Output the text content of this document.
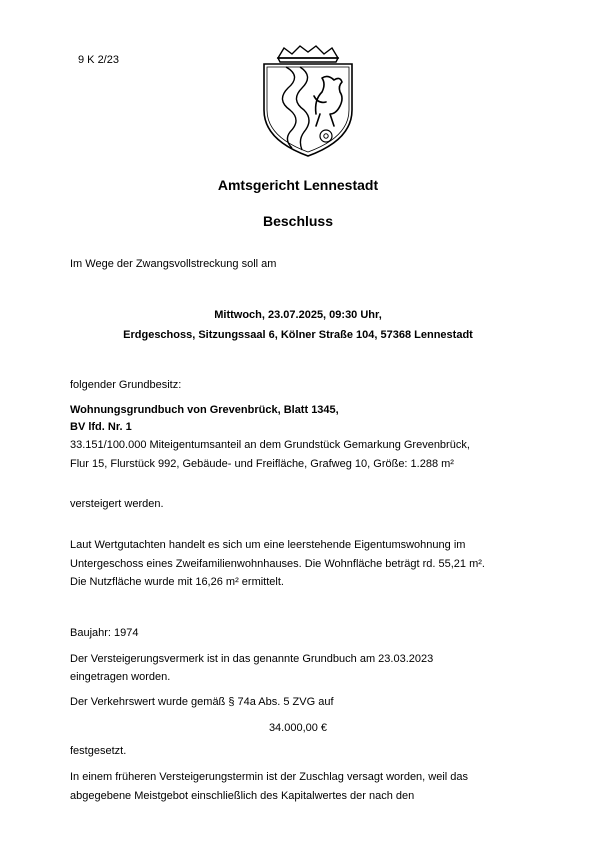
9 K 2/23
Amtsgericht Lennestadt
Beschluss
Im Wege der Zwangsvollstreckung soll am
Mittwoch, 23.07.2025, 09:30 Uhr,
Erdgeschoss, Sitzungssaal 6, Kölner Straße 104, 57368 Lennestadt
folgender Grundbesitz:
Wohnungsgrundbuch von Grevenbrück, Blatt 1345,
BV lfd. Nr. 1
33.151/100.000 Miteigentumsanteil an dem Grundstück Gemarkung Grevenbrück,
Flur 15, Flurstück 992, Gebäude- und Freifläche, Grafweg 10, Größe: 1.288 m²
versteigert werden.
Laut Wertgutachten handelt es sich um eine leerstehende Eigentumswohnung im
Untergeschoss eines Zweifamilienwohnhauses. Die Wohnfläche beträgt rd. 55,21 m².
Die Nutzfläche wurde mit 16,26 m² ermittelt.
Baujahr: 1974
Der Versteigerungsvermerk ist in das genannte Grundbuch am 23.03.2023
eingetragen worden.
Der Verkehrswert wurde gemäß § 74a Abs. 5 ZVG auf
34.000,00 €
festgesetzt.
In einem früheren Versteigerungstermin ist der Zuschlag versagt worden, weil das
abgegebene Meistgebot einschließlich des Kapitalwertes der nach den
